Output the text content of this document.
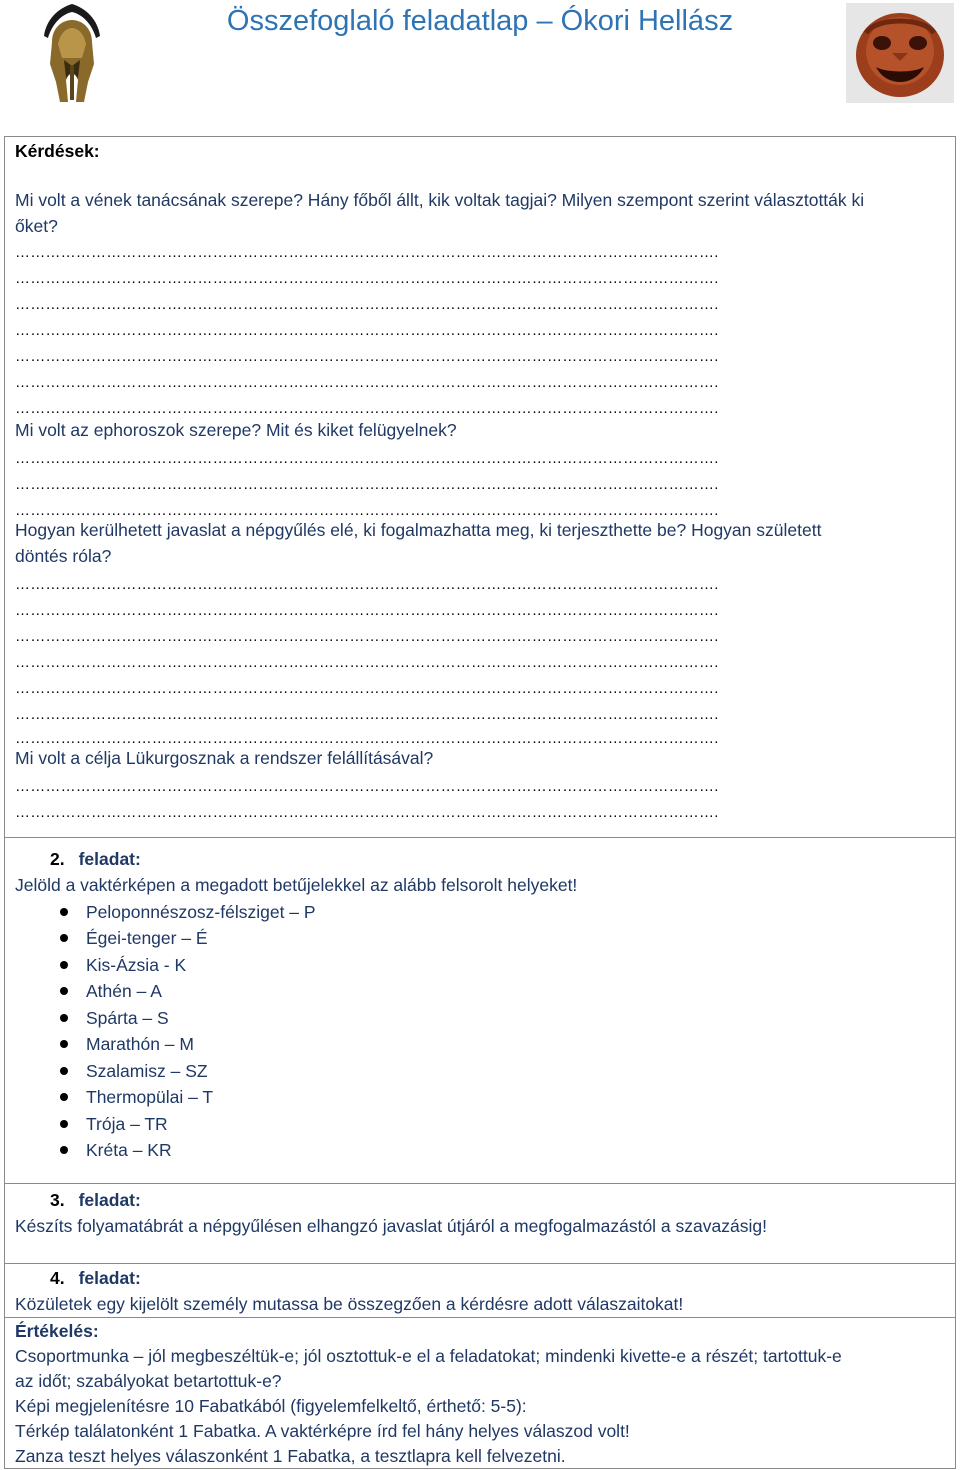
Összefoglaló feladatlap – Ókori Hellász
Kérdések:
Mi volt a vének tanácsának szerepe? Hány főből állt, kik voltak tagjai? Milyen szempont szerint választották ki
őket?
………………………………………………………………………………………………………………………….
………………………………………………………………………………………………………………………….
………………………………………………………………………………………………………………………….
………………………………………………………………………………………………………………………….
………………………………………………………………………………………………………………………….
………………………………………………………………………………………………………………………….
………………………………………………………………………………………………………………………….
Mi volt az ephoroszok szerepe? Mit és kiket felügyelnek?
………………………………………………………………………………………………………………………….
………………………………………………………………………………………………………………………….
………………………………………………………………………………………………………………………….
Hogyan kerülhetett javaslat a népgyűlés elé, ki fogalmazhatta meg, ki terjeszthette be? Hogyan született
döntés róla?
………………………………………………………………………………………………………………………….
………………………………………………………………………………………………………………………….
………………………………………………………………………………………………………………………….
………………………………………………………………………………………………………………………….
………………………………………………………………………………………………………………………….
………………………………………………………………………………………………………………………….
………………………………………………………………………………………………………………………….
Mi volt a célja Lükurgosznak a rendszer felállításával?
………………………………………………………………………………………………………………………….
………………………………………………………………………………………………………………………….
2. feladat:
Jelöld a vaktérképen a megadott betűjelekkel az alább felsorolt helyeket!
Peloponnészosz-félsziget – P
Égei-tenger – É
Kis-Ázsia - K
Athén – A
Spárta – S
Marathón – M
Szalamisz – SZ
Thermopülai – T
Trója – TR
Kréta – KR
3. feladat:
Készíts folyamatábrát a népgyűlésen elhangzó javaslat útjáról a megfogalmazástól a szavazásig!
4. feladat:
Közületek egy kijelölt személy mutassa be összegzően a kérdésre adott válaszaitokat!
Értékelés:
Csoportmunka – jól megbeszéltük-e; jól osztottuk-e el a feladatokat; mindenki kivette-e a részét; tartottuk-e
az időt; szabályokat betartottuk-e?
Képi megjelenítésre 10 Fabatkából (figyelemfelkeltő, érthető: 5-5):
Térkép találatonként 1 Fabatka. A vaktérképre írd fel hány helyes válaszod volt!
Zanza teszt helyes válaszonként 1 Fabatka, a tesztlapra kell felvezetni.
